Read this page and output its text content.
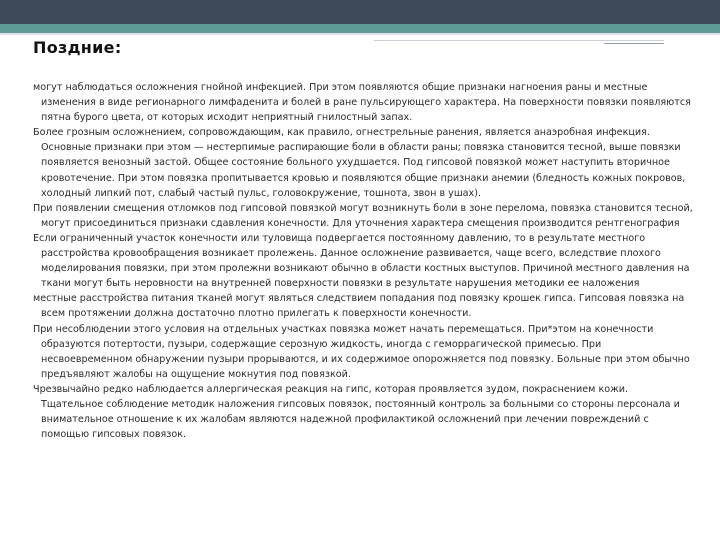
Поздние:

могут наблюдаться осложнения гнойной инфекцией. При этом появляются общие признаки нагноения раны и местные изменения в виде регионарного лимфаденита и болей в ране пульсирующего характера. На поверхности повязки появляются пятна бурого цвета, от которых исходит неприятный гнилостный запах.

Более грозным осложнением, сопровождающим, как правило, огнестрельные ранения, является анаэробная инфекция. Основные признаки при этом — нестерпимые распирающие боли в области раны; повязка становится тесной, выше повязки появляется венозный застой. Общее состояние больного ухудшается. Под гипсовой повязкой может наступить вторичное кровотечение. При этом повязка пропитывается кровью и появляются общие признаки анемии (бледность кожных покровов, холодный липкий пот, слабый частый пульс, головокружение, тошнота, звон в ушах).

При появлении смещения отломков под гипсовой повязкой могут возникнуть боли в зоне перелома, повязка становится тесной, могут присоединиться признаки сдавления конечности. Для уточнения характера смещения производится рентгенография

Если ограниченный участок конечности или туловища подвергается постоянному давлению, то в результате местного расстройства кровообращения возникает пролежень. Данное осложнение развивается, чаще всего, вследствие плохого моделирования повязки, при этом пролежни возникают обычно в области костных выступов. Причиной местного давления на ткани могут быть неровности на внутренней поверхности повязки в результате нарушения методики ее наложения

местные расстройства питания тканей могут являться следствием попадания под повязку крошек гипса. Гипсовая повязка на всем протяжении должна достаточно плотно прилегать к поверхности конечности.

При несоблюдении этого условия на отдельных участках повязка может начать перемещаться. При*этом на конечности образуются потертости, пузыри, содержащие серозную жидкость, иногда с геморрагической примесью. При несвоевременном обнаружении пузыри прорываются, и их содержимое опорожняется под повязку. Больные при этом обычно предъявляют жалобы на ощущение мокнутия под повязкой.

Чрезвычайно редко наблюдается аллергическая реакция на гипс, которая проявляется зудом, покраснением кожи. Тщательное соблюдение методик наложения гипсовых повязок, постоянный контроль за больными со стороны персонала и внимательное отношение к их жалобам являются надежной профилактикой осложнений при лечении повреждений с помощью гипсовых повязок.
